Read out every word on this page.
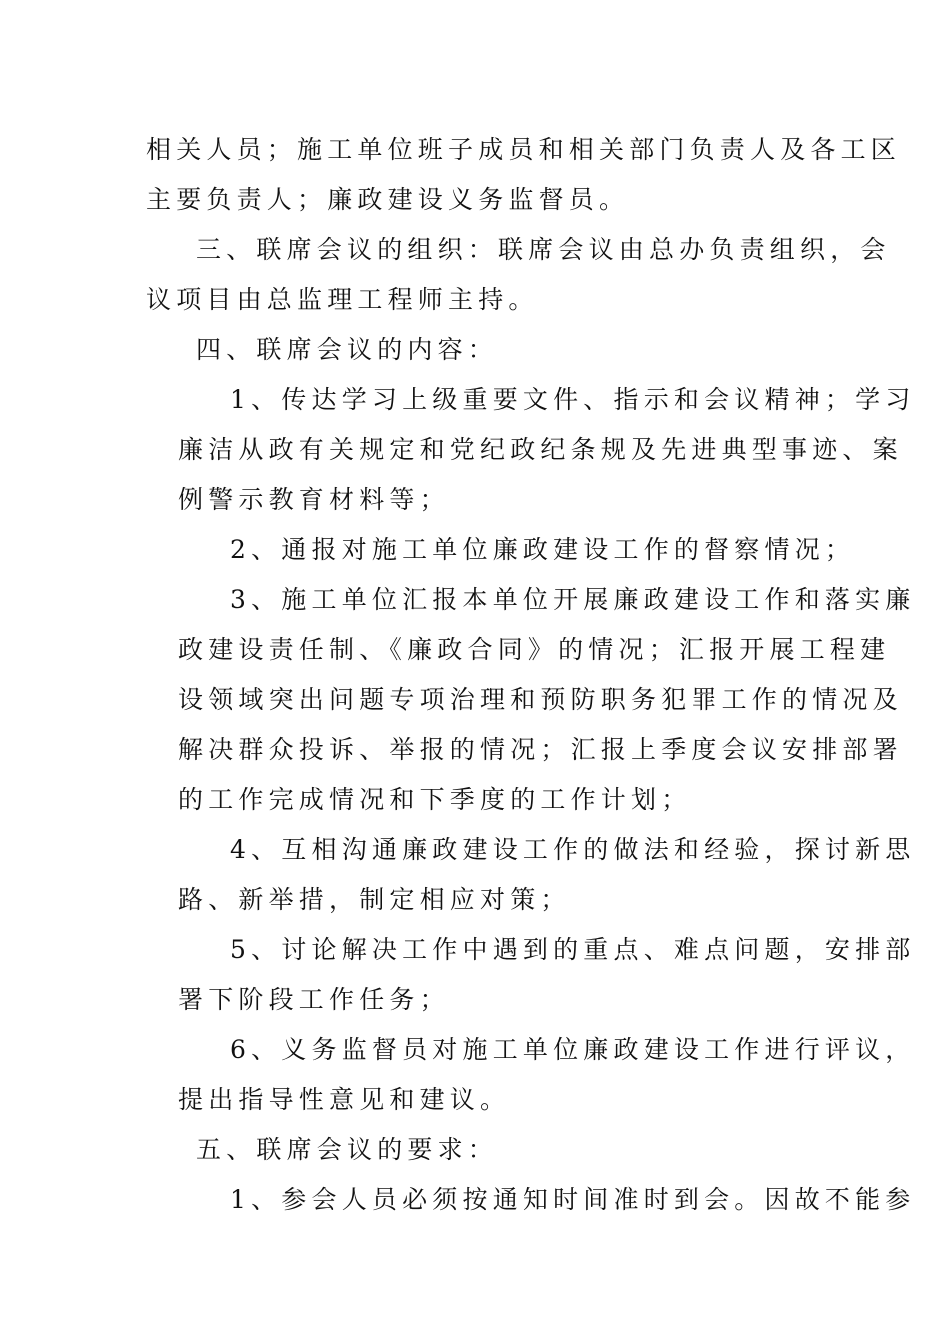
相关人员；施工单位班子成员和相关部门负责人及各工区
主要负责人；廉政建设义务监督员。
三、联席会议的组织：联席会议由总办负责组织，会
议项目由总监理工程师主持。
四、联席会议的内容：
1、传达学习上级重要文件、指示和会议精神；学习
廉洁从政有关规定和党纪政纪条规及先进典型事迹、案
例警示教育材料等；
2、通报对施工单位廉政建设工作的督察情况；
3、施工单位汇报本单位开展廉政建设工作和落实廉
政建设责任制、《廉政合同》的情况；汇报开展工程建
设领域突出问题专项治理和预防职务犯罪工作的情况及
解决群众投诉、举报的情况；汇报上季度会议安排部署
的工作完成情况和下季度的工作计划；
4、互相沟通廉政建设工作的做法和经验，探讨新思
路、新举措，制定相应对策；
5、讨论解决工作中遇到的重点、难点问题，安排部
署下阶段工作任务；
6、义务监督员对施工单位廉政建设工作进行评议，
提出指导性意见和建议。
五、联席会议的要求：
1、参会人员必须按通知时间准时到会。因故不能参
